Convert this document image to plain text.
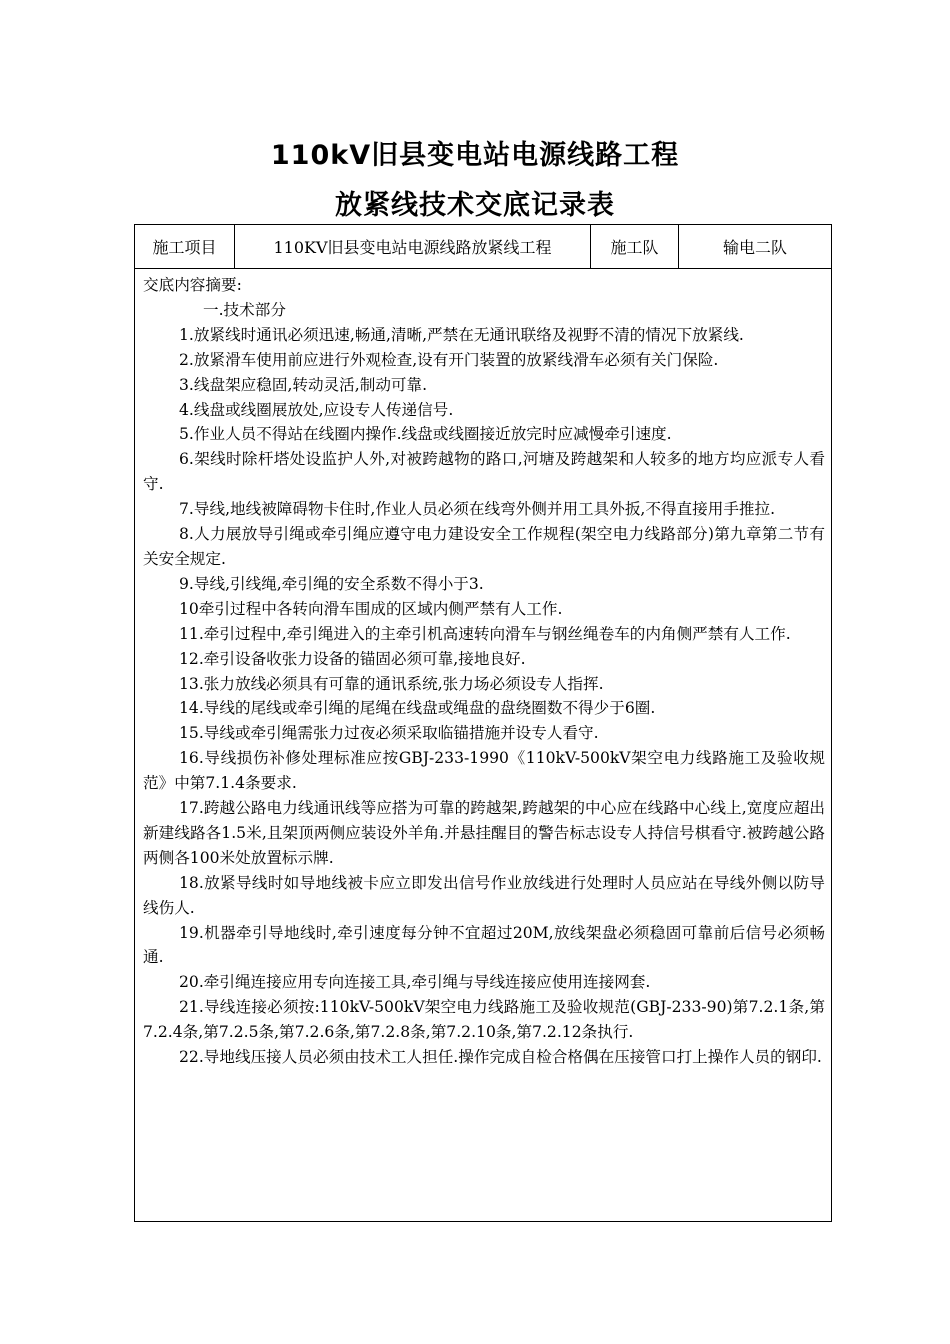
110kV旧县变电站电源线路工程
放紧线技术交底记录表
施工项目	110KV旧县变电站电源线路放紧线工程	施工队	输电二队

交底内容摘要:

一.技术部分

1.放紧线时通讯必须迅速,畅通,清晰,严禁在无通讯联络及视野不清的情况下放紧线.

2.放紧滑车使用前应进行外观检查,设有开门装置的放紧线滑车必须有关门保险.

3.线盘架应稳固,转动灵活,制动可靠.

4.线盘或线圈展放处,应设专人传递信号.

5.作业人员不得站在线圈内操作.线盘或线圈接近放完时应减慢牵引速度.

6.架线时除杆塔处设监护人外,对被跨越物的路口,河塘及跨越架和人较多的地方均应派专人看守.

7.导线,地线被障碍物卡住时,作业人员必须在线弯外侧并用工具外扳,不得直接用手推拉.

8.人力展放导引绳或牵引绳应遵守电力建设安全工作规程(架空电力线路部分)第九章第二节有关安全规定.

9.导线,引线绳,牵引绳的安全系数不得小于3.

10牵引过程中各转向滑车围成的区域内侧严禁有人工作.

11.牵引过程中,牵引绳进入的主牵引机高速转向滑车与钢丝绳卷车的内角侧严禁有人工作.

12.牵引设备收张力设备的锚固必须可靠,接地良好.

13.张力放线必须具有可靠的通讯系统,张力场必须设专人指挥.

14.导线的尾线或牵引绳的尾绳在线盘或绳盘的盘绕圈数不得少于6圈.

15.导线或牵引绳需张力过夜必须采取临锚措施并设专人看守.

16.导线损伤补修处理标准应按GBJ-233-1990《110kV-500kV架空电力线路施工及验收规范》中第7.1.4条要求.

17.跨越公路电力线通讯线等应搭为可靠的跨越架,跨越架的中心应在线路中心线上,宽度应超出新建线路各1.5米,且架顶两侧应装设外羊角.并悬挂醒目的警告标志设专人持信号棋看守.被跨越公路两侧各100米处放置标示牌.

18.放紧导线时如导地线被卡应立即发出信号作业放线进行处理时人员应站在导线外侧以防导线伤人.

19.机器牵引导地线时,牵引速度每分钟不宜超过20M,放线架盘必须稳固可靠前后信号必须畅通.

20.牵引绳连接应用专向连接工具,牵引绳与导线连接应使用连接网套.

21.导线连接必须按:110kV-500kV架空电力线路施工及验收规范(GBJ-233-90)第7.2.1条,第7.2.4条,第7.2.5条,第7.2.6条,第7.2.8条,第7.2.10条,第7.2.12条执行.

22.导地线压接人员必须由技术工人担任.操作完成自检合格偶在压接管口打上操作人员的钢印.
